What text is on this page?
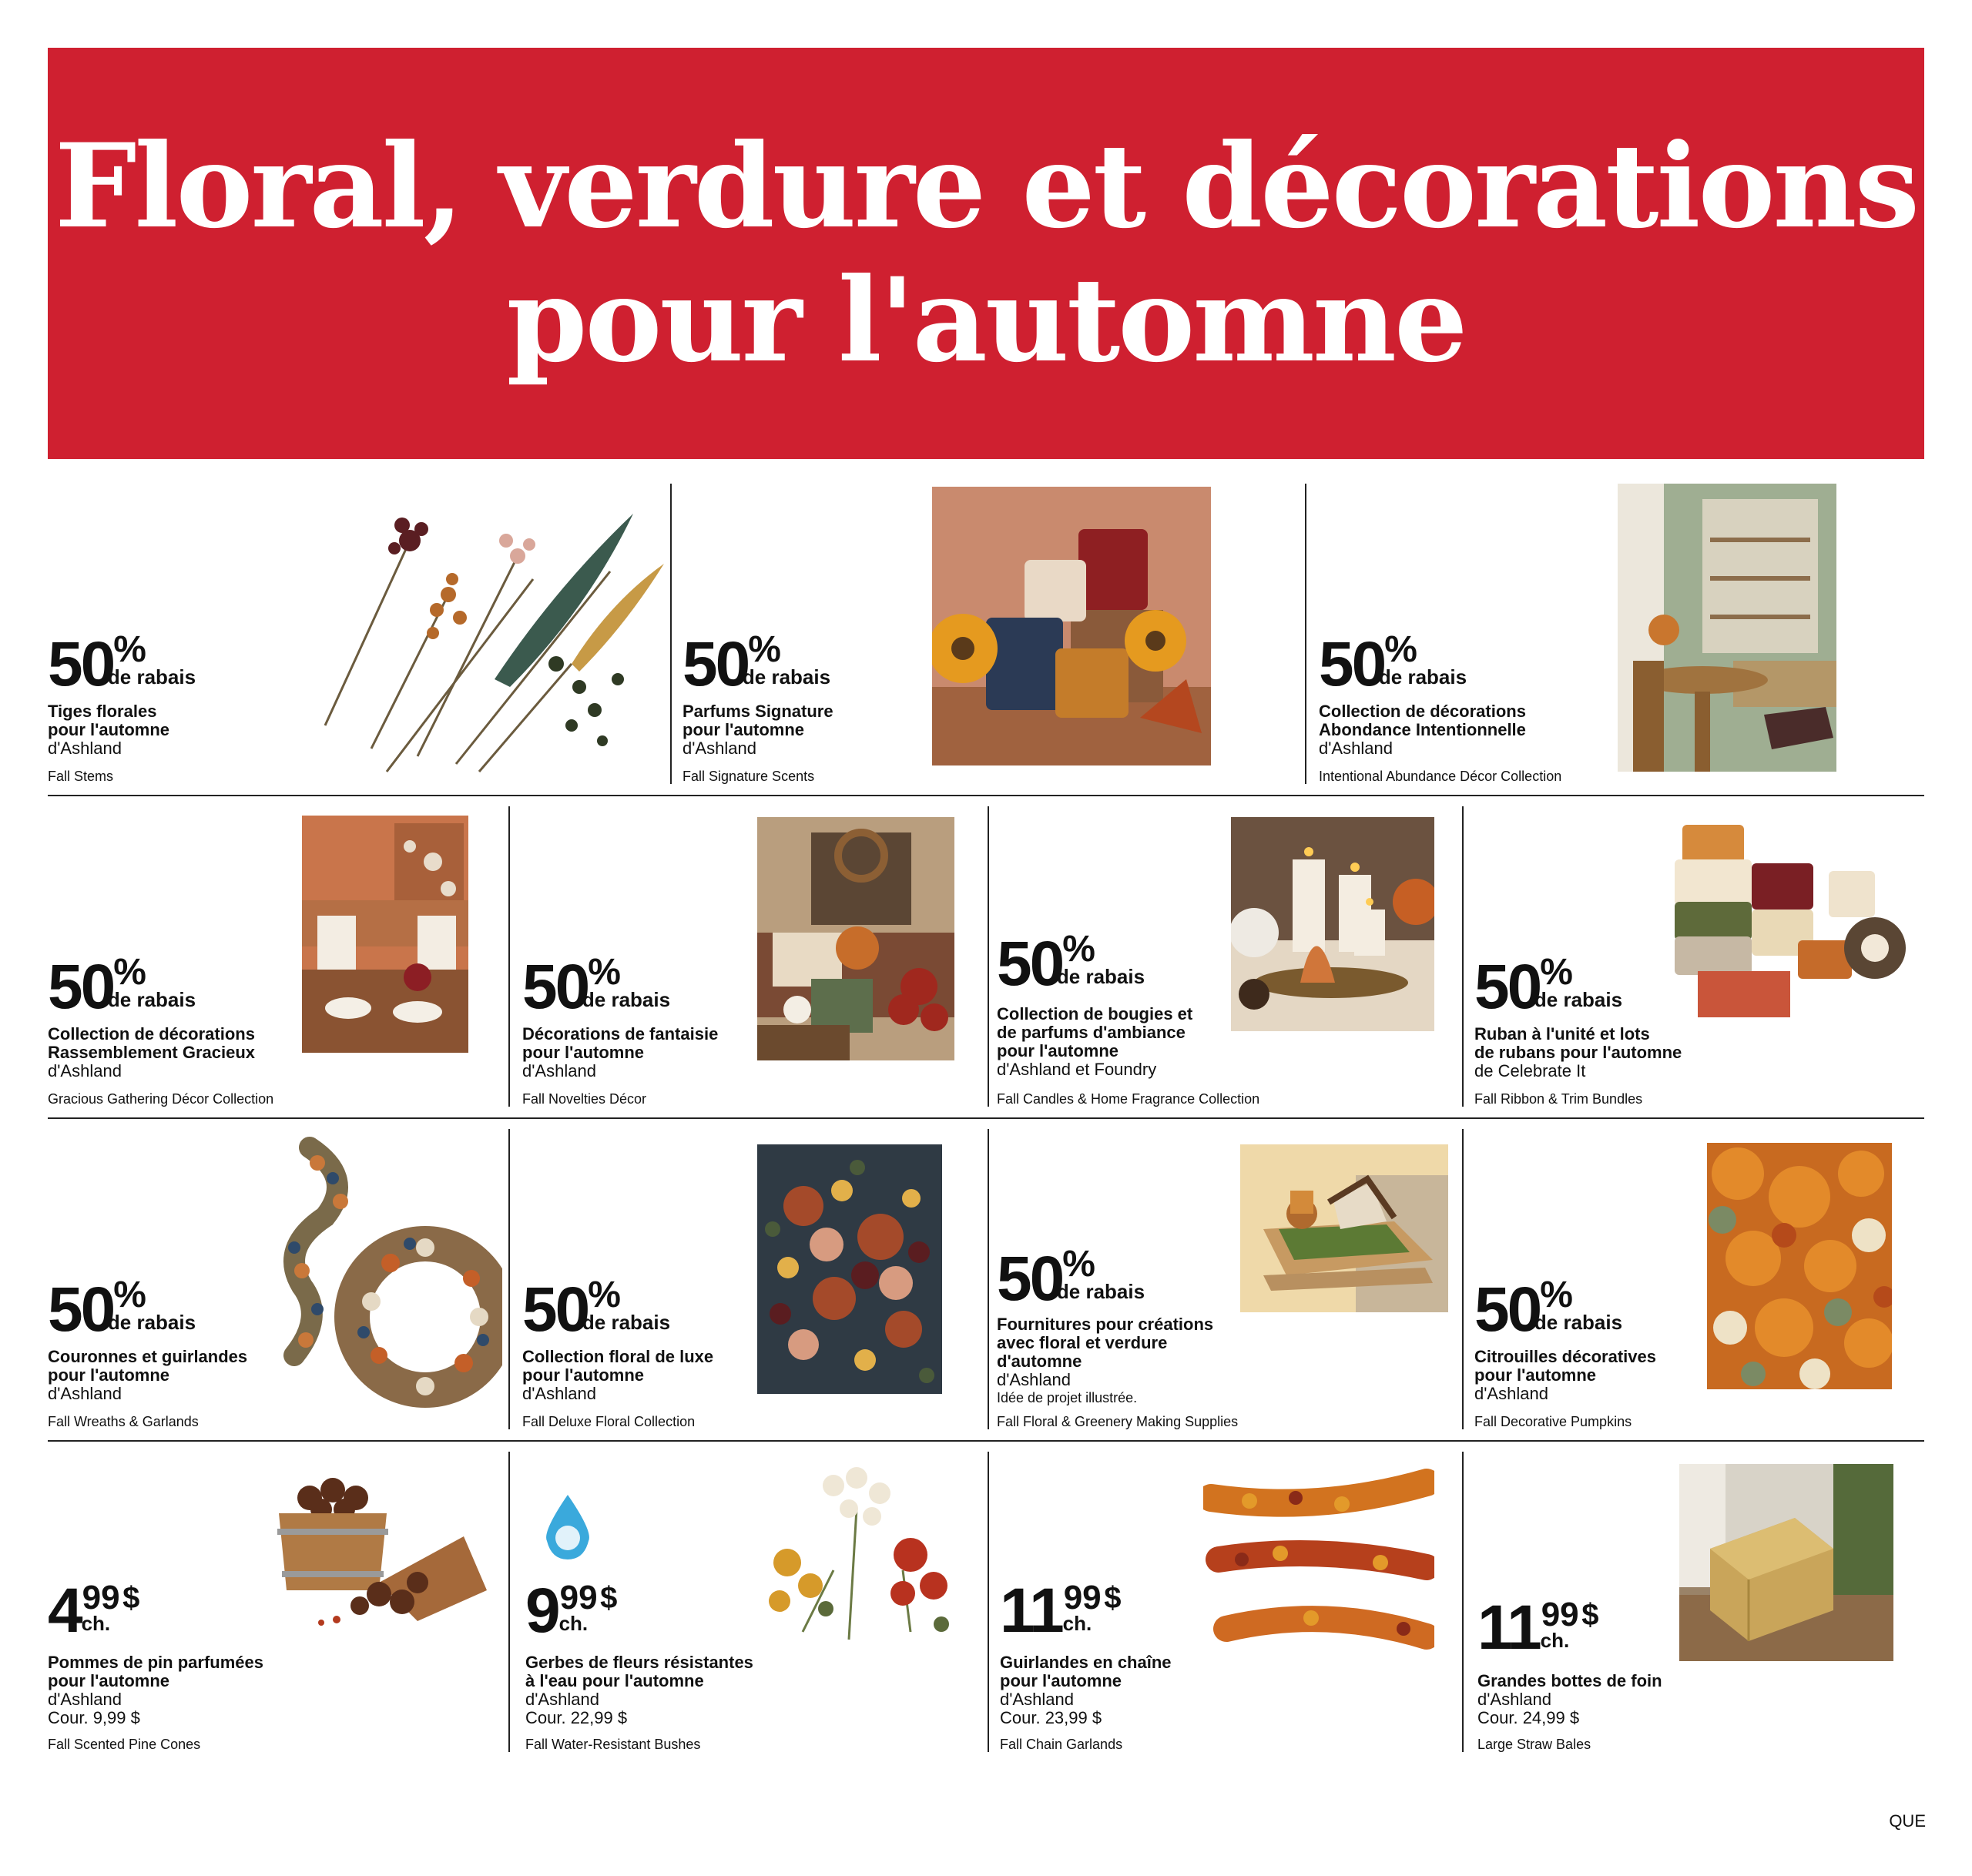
Floral, verdure et décorations
pour l'automne
50 %
de rabais
Tiges florales
pour l'automne
d'Ashland
Fall Stems
50 %
de rabais
Parfums Signature
pour l'automne
d'Ashland
Fall Signature Scents
50 %
de rabais
Collection de décorations
Abondance Intentionnelle
d'Ashland
Intentional Abundance Décor Collection
50 %
de rabais
Collection de décorations
Rassemblement Gracieux
d'Ashland
Gracious Gathering Décor Collection
50 %
de rabais
Décorations de fantaisie
pour l'automne
d'Ashland
Fall Novelties Décor
50 %
de rabais
Collection de bougies et
de parfums d'ambiance
pour l'automne
d'Ashland et Foundry
Fall Candles & Home Fragrance Collection
50 %
de rabais
Ruban à l'unité et lots
de rubans pour l'automne
de Celebrate It
Fall Ribbon & Trim Bundles
50 %
de rabais
Couronnes et guirlandes
pour l'automne
d'Ashland
Fall Wreaths & Garlands
50 %
de rabais
Collection floral de luxe
pour l'automne
d'Ashland
Fall Deluxe Floral Collection
50 %
de rabais
Fournitures pour créations
avec floral et verdure
d'automne
d'Ashland
Idée de projet illustrée.
Fall Floral & Greenery Making Supplies
50 %
de rabais
Citrouilles décoratives
pour l'automne
d'Ashland
Fall Decorative Pumpkins
4 99
ch.
$
Pommes de pin parfumées
pour l'automne
d'Ashland
Cour. 9,99 $
Fall Scented Pine Cones
9 99
ch.
$
Gerbes de fleurs résistantes
à l'eau pour l'automne
d'Ashland
Cour. 22,99 $
Fall Water-Resistant Bushes
11 99
ch.
$
Guirlandes en chaîne
pour l'automne
d'Ashland
Cour. 23,99 $
Fall Chain Garlands
11 99
ch.
$
Grandes bottes de foin
d'Ashland
Cour. 24,99 $
Large Straw Bales
QUE
